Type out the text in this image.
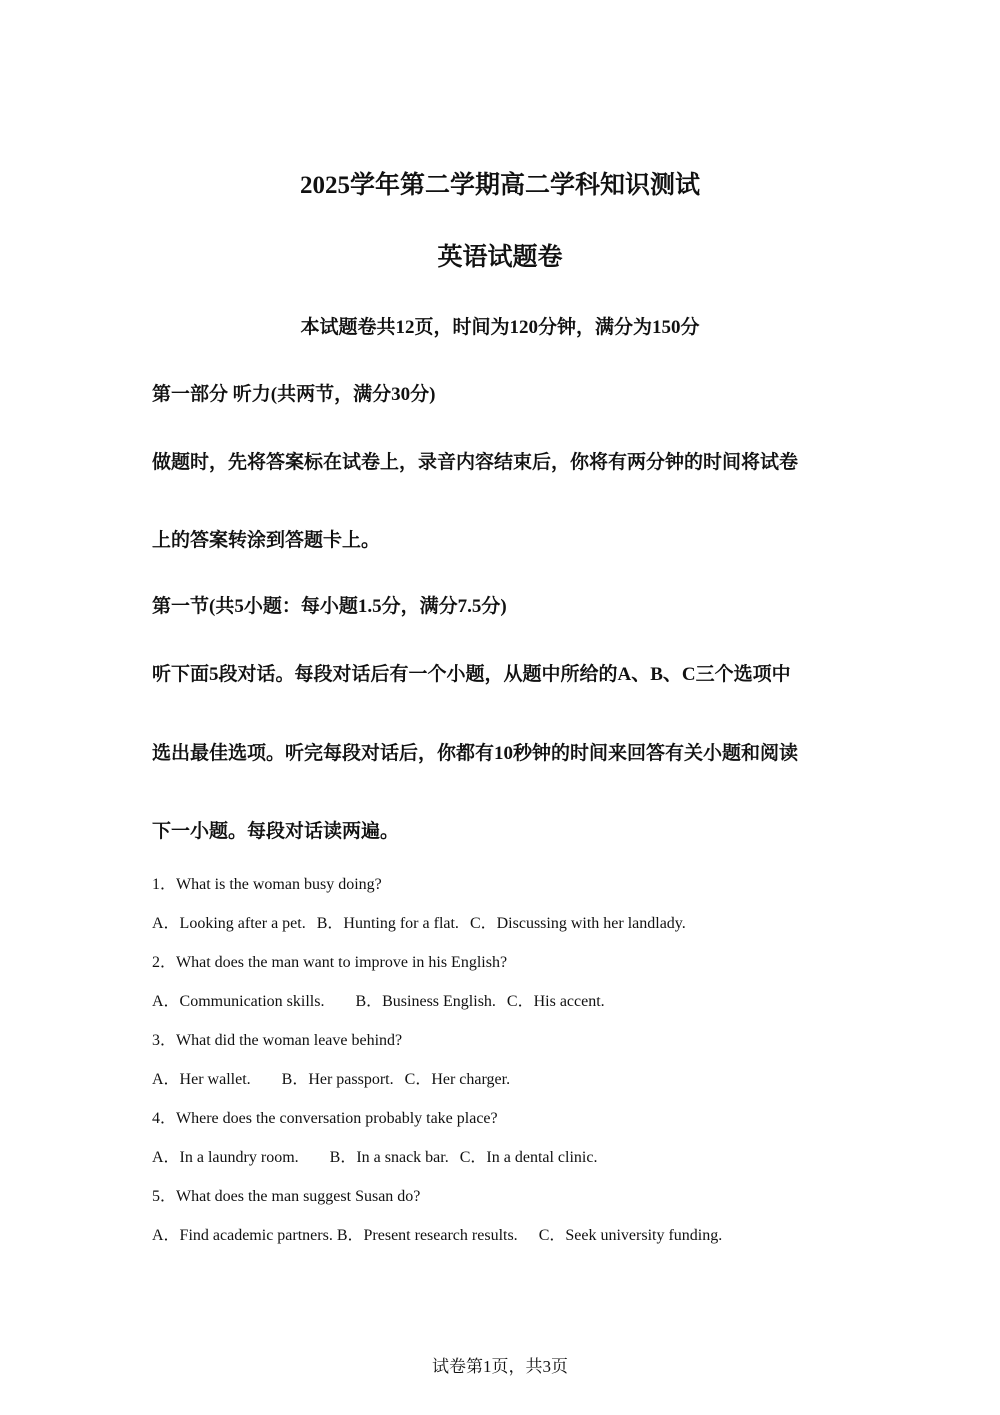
2025学年第二学期高二学科知识测试
英语试题卷
本试题卷共12页，时间为120分钟，满分为150分
第一部分 听力(共两节，满分30分)
做题时，先将答案标在试卷上，录音内容结束后，你将有两分钟的时间将试卷
上的答案转涂到答题卡上。
第一节(共5小题：每小题1.5分，满分7.5分)
听下面5段对话。每段对话后有一个小题，从题中所给的A、B、C三个选项中
选出最佳选项。听完每段对话后，你都有10秒钟的时间来回答有关小题和阅读
下一小题。每段对话读两遍。
1．What is the woman busy doing?
A．Looking after a pet. B．Hunting for a flat. C．Discussing with her landlady.
2．What does the man want to improve in his English?
A．Communication skills. B．Business English. C．His accent.
3．What did the woman leave behind?
A．Her wallet. B．Her passport. C．Her charger.
4．Where does the conversation probably take place?
A．In a laundry room. B．In a snack bar. C．In a dental clinic.
5．What does the man suggest Susan do?
A．Find academic partners. B．Present research results. C．Seek university funding.
试卷第1页，共3页
